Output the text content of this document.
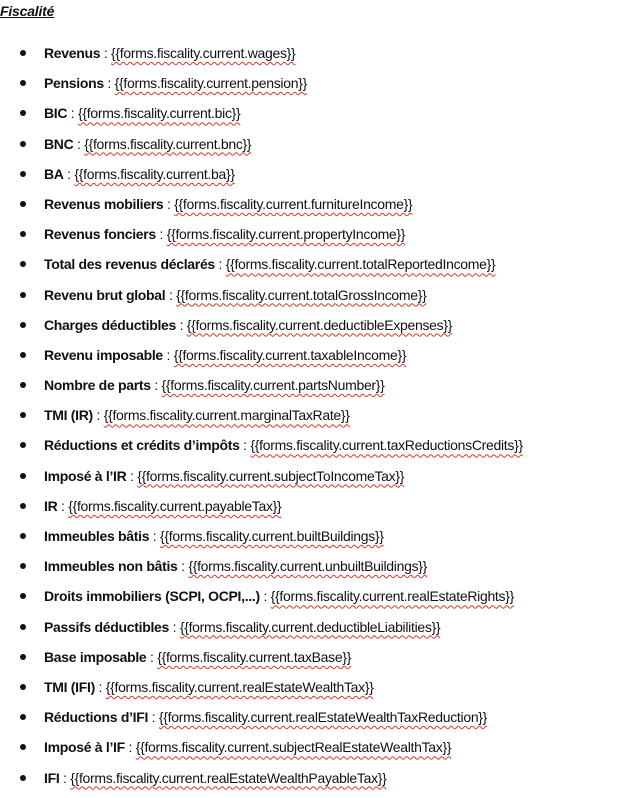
Fiscalité
Revenus : {{forms.fiscality.current.wages}}
Pensions : {{forms.fiscality.current.pension}}
BIC : {{forms.fiscality.current.bic}}
BNC : {{forms.fiscality.current.bnc}}
BA : {{forms.fiscality.current.ba}}
Revenus mobiliers : {{forms.fiscality.current.furnitureIncome}}
Revenus fonciers : {{forms.fiscality.current.propertyIncome}}
Total des revenus déclarés : {{forms.fiscality.current.totalReportedIncome}}
Revenu brut global : {{forms.fiscality.current.totalGrossIncome}}
Charges déductibles : {{forms.fiscality.current.deductibleExpenses}}
Revenu imposable : {{forms.fiscality.current.taxableIncome}}
Nombre de parts : {{forms.fiscality.current.partsNumber}}
TMI (IR) : {{forms.fiscality.current.marginalTaxRate}}
Réductions et crédits d’impôts : {{forms.fiscality.current.taxReductionsCredits}}
Imposé à l’IR : {{forms.fiscality.current.subjectToIncomeTax}}
IR : {{forms.fiscality.current.payableTax}}
Immeubles bâtis : {{forms.fiscality.current.builtBuildings}}
Immeubles non bâtis : {{forms.fiscality.current.unbuiltBuildings}}
Droits immobiliers (SCPI, OCPI,...) : {{forms.fiscality.current.realEstateRights}}
Passifs déductibles : {{forms.fiscality.current.deductibleLiabilities}}
Base imposable : {{forms.fiscality.current.taxBase}}
TMI (IFI) : {{forms.fiscality.current.realEstateWealthTax}}
Réductions d’IFI : {{forms.fiscality.current.realEstateWealthTaxReduction}}
Imposé à l’IF : {{forms.fiscality.current.subjectRealEstateWealthTax}}
IFI : {{forms.fiscality.current.realEstateWealthPayableTax}}
